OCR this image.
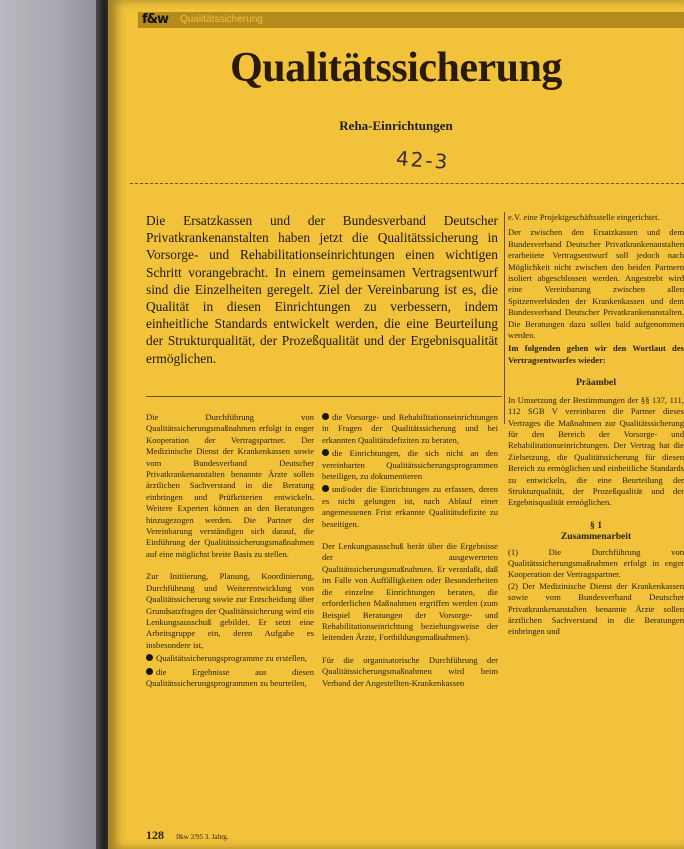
f&w Qualitätssicherung
Qualitätssicherung
Reha-Einrichtungen
42-3
Die Ersatzkassen und der Bundesverband Deutscher Privatkrankenanstalten haben jetzt die Qualitätssicherung in Vorsorge- und Rehabilitationseinrichtungen einen wichtigen Schritt vorangebracht. In einem gemeinsamen Vertragsentwurf sind die Einzelheiten geregelt. Ziel der Vereinbarung ist es, die Qualität in diesen Einrichtungen zu verbessern, indem einheitliche Standards entwickelt werden, die eine Beurteilung der Strukturqualität, der Prozeßqualität und der Ergebnisqualität ermöglichen.

Die Durchführung von Qualitätssicherungsmaßnahmen erfolgt in enger Kooperation der Vertragspartner. Der Medizinische Dienst der Krankenkassen sowie vom Bundesverband Deutscher Privatkrankenanstalten benannte Ärzte sollen ärztlichen Sachverstand in die Beratung einbringen und Prüfkriterien entwickeln. Weitere Experten können an den Beratungen hinzugezogen werden. Die Partner der Vereinbarung verständigen sich darauf, die Einführung der Qualitätssicherungsmaßnahmen auf eine möglichst breite Basis zu stellen.

Zur Initiierung, Planung, Koordinierung, Durchführung und Weiterentwicklung von Qualitätssicherung sowie zur Entscheidung über Grundsatzfragen der Qualitätssicherung wird ein Lenkungsausschuß gebildet. Er setzt eine Arbeitsgruppe ein, deren Aufgabe es insbesondere ist,

Qualitätssicherungsprogramme zu erstellen,
die Ergebnisse aus diesen Qualitätssicherungsprogrammen zu beurteilen,
die Vorsorge- und Rehabilitationseinrichtungen in Fragen der Qualitätssicherung und bei erkannten Qualitätsdefiziten zu beraten,
die Einrichtungen, die sich nicht an den vereinbarten Qualitätssicherungsprogrammen beteiligen, zu dokumentieren
und/oder die Einrichtungen zu erfassen, deren es nicht gelungen ist, nach Ablauf einer angemessenen Frist erkannte Qualitätsdefizite zu beseitigen.

Der Lenkungsausschuß berät über die Ergebnisse der ausgewerteten Qualitätssicherungsmaßnahmen. Er veranlaßt, daß im Falle von Auffälligkeiten oder Besonderheiten die einzelne Einrichtungen beraten, die erforderlichen Maßnahmen ergriffen werden (zum Beispiel Beratungen der Vorsorge- und Rehabilitationseinrichtung beziehungsweise der leitenden Ärzte, Fortbildungsmaßnahmen).

Für die organisatorische Durchführung der Qualitätssicherungsmaßnahmen wird beim Verband der Angestellten-Krankenkassen

e.V. eine Projektgeschäftsstelle eingerichtet.

Der zwischen den Ersatzkassen und dem Bundesverband Deutscher Privatkrankenanstalten erarbeitete Vertragsentwurf soll jedoch nach Möglichkeit nicht zwischen den beiden Partnern isoliert abgeschlossen werden. Angestrebt wird eine Vereinbarung zwischen allen Spitzenverbänden der Krankenkassen und dem Bundesverband Deutscher Privatkrankenanstalten. Die Beratungen dazu sollen bald aufgenommen werden.

Im folgenden geben wir den Wortlaut des Vertragsentwurfes wieder:

Präambel

In Umsetzung der Bestimmungen der §§ 137, 111, 112 SGB V vereinbaren die Partner dieses Vertrages die Maßnahmen zur Qualitätssicherung für den Bereich der Vorsorge- und Rehabilitationseinrichtungen. Der Vertrag hat die Zielsetzung, die Qualitätssicherung für diesen Bereich zu ermöglichen und einheitliche Standards zu entwickeln, die eine Beurteilung der Strukturqualität, der Prozeßqualität und der Ergebnisqualität ermöglichen.

§ 1
Zusammenarbeit

(1) Die Durchführung von Qualitätssicherungsmaßnahmen erfolgt in enger Kooperation der Vertragspartner.

(2) Der Medizinische Dienst der Krankenkassen sowie vom Bundesverband Deutscher Privatkrankenanstalten benannte Ärzte sollen ärztlichen Sachverstand in die Beratungen einbringen und

128 f&w 2/95 3. Jahrg.
